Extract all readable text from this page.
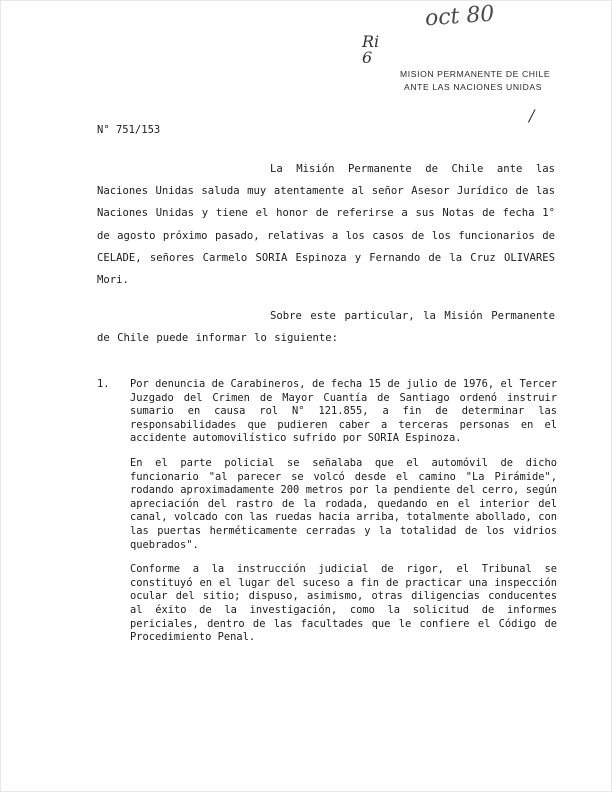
oct 80
Ri
6
/
MISION PERMANENTE DE CHILE
ANTE LAS NACIONES UNIDAS
N° 751/153

La Misión Permanente de Chile ante las Naciones Unidas saluda muy atentamente al señor Asesor Jurídico de las Naciones Unidas y tiene el honor de referirse a sus Notas de fecha 1° de agosto próximo pasado, relativas a los casos de los funcionarios de CELADE, señores Carmelo SORIA Espinoza y Fernando de la Cruz OLIVARES Mori.

Sobre este particular, la Misión Permanente de Chile puede informar lo siguiente:

1.	Por denuncia de Carabineros, de fecha 15 de julio de 1976, el Tercer Juzgado del Crimen de Mayor Cuantía de Santiago ordenó instruir sumario en causa rol N° 121.855, a fin de determinar las responsabilidades que pudieren caber a terceras personas en el accidente automovilístico sufrido por SORIA Espinoza.

En el parte policial se señalaba que el automóvil de dicho funcionario "al parecer se volcó desde el camino "La Pirámide", rodando aproximadamente 200 metros por la pendiente del cerro, según apreciación del rastro de la rodada, quedando en el interior del canal, volcado con las ruedas hacia arriba, totalmente abollado, con las puertas herméticamente cerradas y la totalidad de los vidrios quebrados".

Conforme a la instrucción judicial de rigor, el Tribunal se constituyó en el lugar del suceso a fin de practicar una inspección ocular del sitio; dispuso, asimismo, otras diligencias conducentes al éxito de la investigación, como la solicitud de informes periciales, dentro de las facultades que le confiere el Código de Procedimiento Penal.
